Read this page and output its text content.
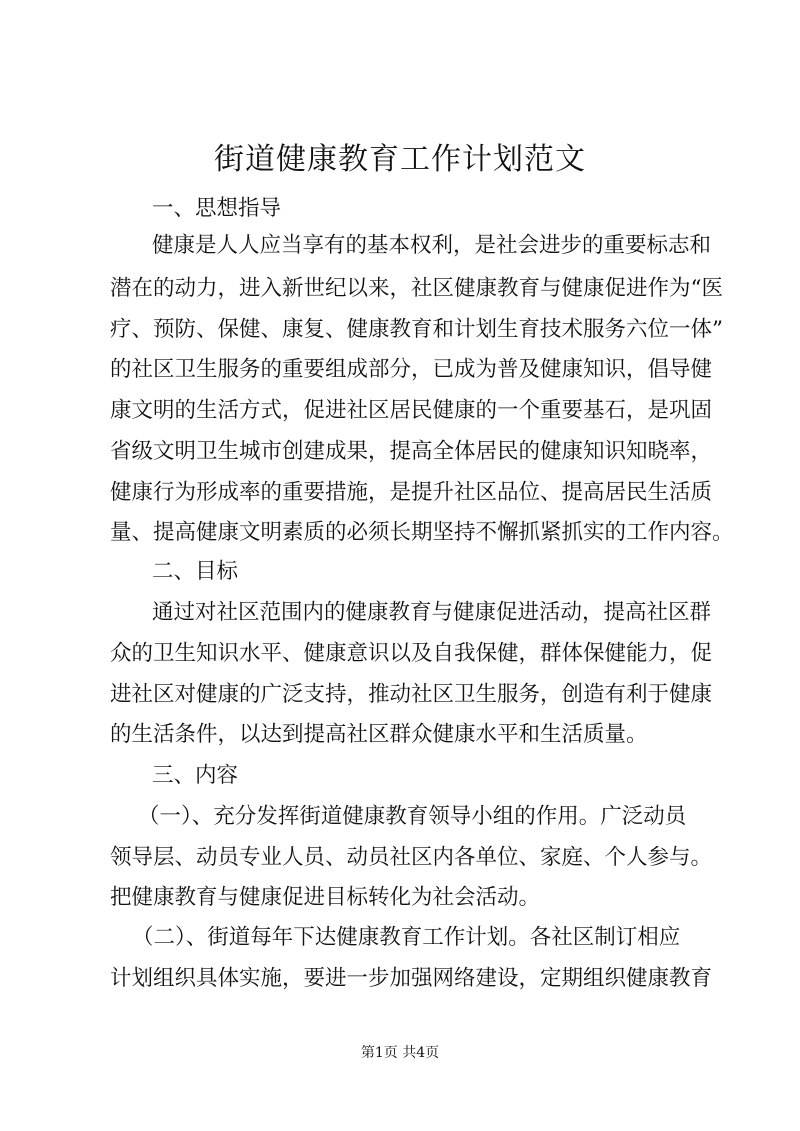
街道健康教育工作计划范文

一、思想指导

健康是人人应当享有的基本权利，是社会进步的重要标志和

潜在的动力，进入新世纪以来，社区健康教育与健康促进作为“医

疗、预防、保健、康复、健康教育和计划生育技术服务六位一体”

的社区卫生服务的重要组成部分，已成为普及健康知识，倡导健

康文明的生活方式，促进社区居民健康的一个重要基石，是巩固

省级文明卫生城市创建成果，提高全体居民的健康知识知晓率，

健康行为形成率的重要措施，是提升社区品位、提高居民生活质

量、提高健康文明素质的必须长期坚持不懈抓紧抓实的工作内容。

二、目标

通过对社区范围内的健康教育与健康促进活动，提高社区群

众的卫生知识水平、健康意识以及自我保健，群体保健能力，促

进社区对健康的广泛支持，推动社区卫生服务，创造有利于健康

的生活条件，以达到提高社区群众健康水平和生活质量。

三、内容

（一）、充分发挥街道健康教育领导小组的作用。广泛动员

领导层、动员专业人员、动员社区内各单位、家庭、个人参与。

把健康教育与健康促进目标转化为社会活动。

（二）、街道每年下达健康教育工作计划。各社区制订相应

计划组织具体实施，要进一步加强网络建设，定期组织健康教育

第1页 共4页
